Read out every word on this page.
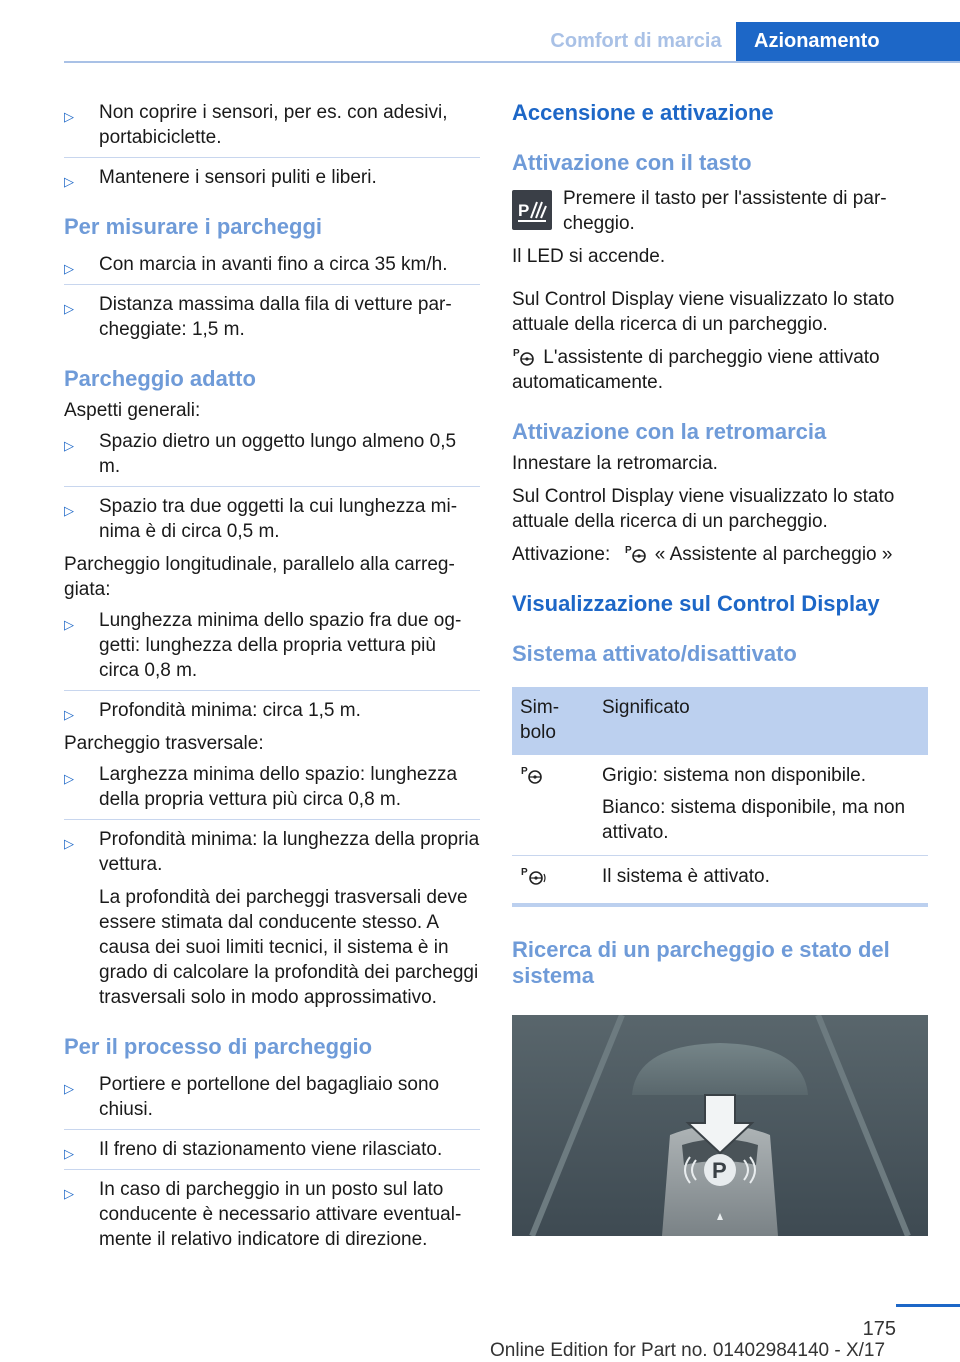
Comfort di marcia	Azionamento
▷ Non coprire i sensori, per es. con adesivi, portabiciclette.
▷ Mantenere i sensori puliti e liberi.
Per misurare i parcheggi
▷ Con marcia in avanti fino a circa 35 km/h.
▷ Distanza massima dalla fila di vetture parcheggiate: 1,5 m.
Parcheggio adatto
Aspetti generali:
▷ Spazio dietro un oggetto lungo almeno 0,5 m.
▷ Spazio tra due oggetti la cui lunghezza minima è di circa 0,5 m.
Parcheggio longitudinale, parallelo alla carreggiata:
▷ Lunghezza minima dello spazio fra due oggetti: lunghezza della propria vettura più circa 0,8 m.
▷ Profondità minima: circa 1,5 m.
Parcheggio trasversale:
▷ Larghezza minima dello spazio: lunghezza della propria vettura più circa 0,8 m.
▷ Profondità minima: la lunghezza della propria vettura.
La profondità dei parcheggi trasversali deve essere stimata dal conducente stesso. A causa dei suoi limiti tecnici, il sistema è in grado di calcolare la profondità dei parcheggi trasversali solo in modo approssimativo.
Per il processo di parcheggio
▷ Portiere e portellone del bagagliaio sono chiusi.
▷ Il freno di stazionamento viene rilasciato.
▷ In caso di parcheggio in un posto sul lato conducente è necessario attivare eventualmente il relativo indicatore di direzione.
Accensione e attivazione
Attivazione con il tasto
P
Premere il tasto per l'assistente di parcheggio.
Il LED si accende.
Sul Control Display viene visualizzato lo stato attuale della ricerca di un parcheggio.
P L'assistente di parcheggio viene attivato automaticamente.
Attivazione con la retromarcia
Innestare la retromarcia.
Sul Control Display viene visualizzato lo stato attuale della ricerca di un parcheggio.
Attivazione: P « Assistente al parcheggio »
Visualizzazione sul Control Display
Sistema attivato/disattivato
Simbolo	Significato

P	Grigio: sistema non disponibile.
Bianco: sistema disponibile, ma non attivato.

P	Il sistema è attivato.
Ricerca di un parcheggio e stato del sistema
P
175
Online Edition for Part no. 01402984140 - X/17
